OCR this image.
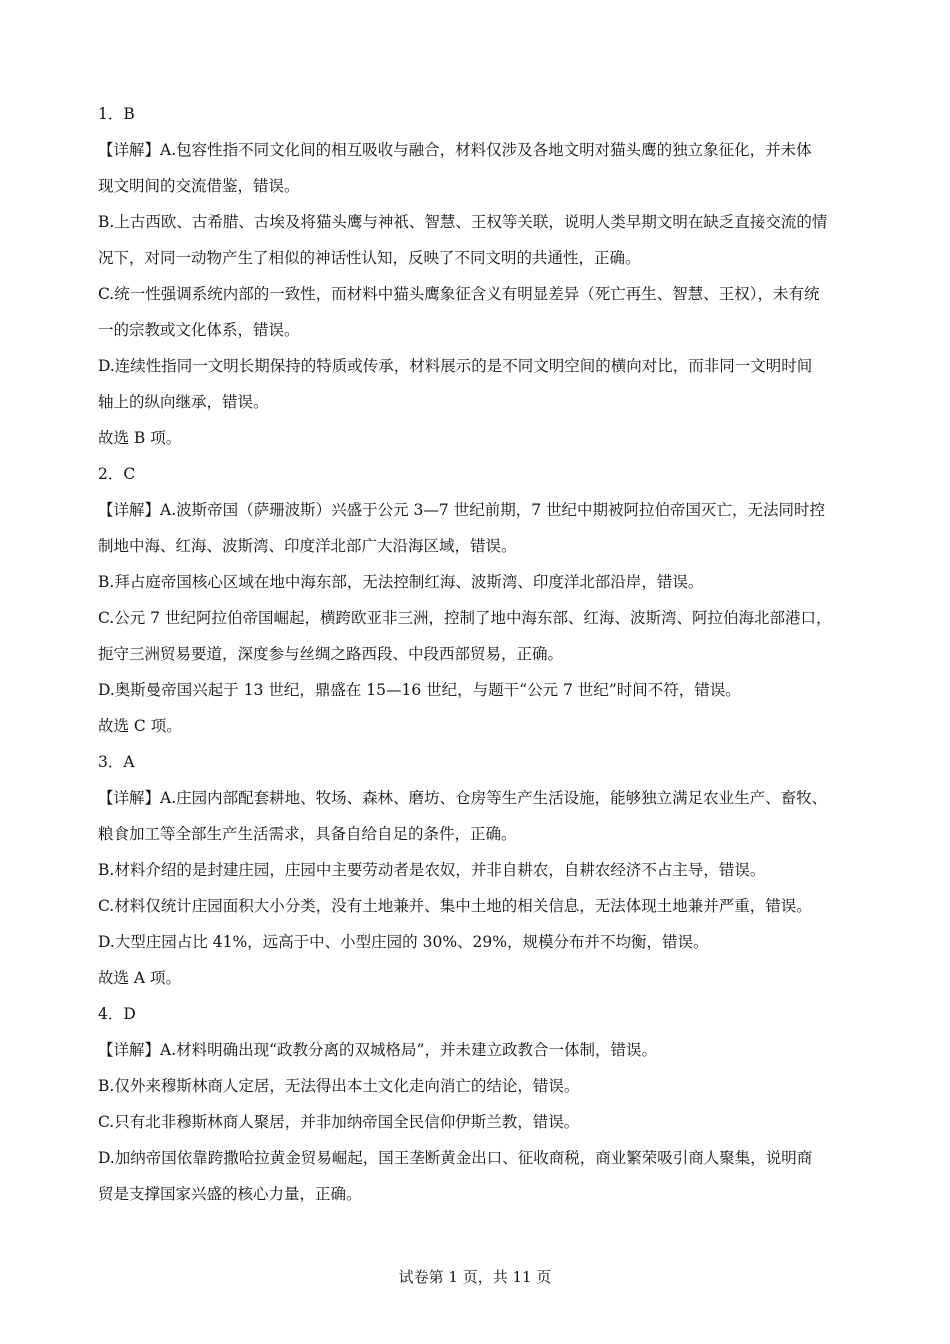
1．B
【详解】A.包容性指不同文化间的相互吸收与融合，材料仅涉及各地文明对猫头鹰的独立象征化，并未体
现文明间的交流借鉴，错误。
B.上古西欧、古希腊、古埃及将猫头鹰与神祇、智慧、王权等关联，说明人类早期文明在缺乏直接交流的情
况下，对同一动物产生了相似的神话性认知，反映了不同文明的共通性，正确。
C.统一性强调系统内部的一致性，而材料中猫头鹰象征含义有明显差异（死亡再生、智慧、王权），未有统
一的宗教或文化体系，错误。
D.连续性指同一文明长期保持的特质或传承，材料展示的是不同文明空间的横向对比，而非同一文明时间
轴上的纵向继承，错误。
故选 B 项。
2．C
【详解】A.波斯帝国（萨珊波斯）兴盛于公元 3—7 世纪前期，7 世纪中期被阿拉伯帝国灭亡，无法同时控
制地中海、红海、波斯湾、印度洋北部广大沿海区域，错误。
B.拜占庭帝国核心区域在地中海东部，无法控制红海、波斯湾、印度洋北部沿岸，错误。
C.公元 7 世纪阿拉伯帝国崛起，横跨欧亚非三洲，控制了地中海东部、红海、波斯湾、阿拉伯海北部港口，
扼守三洲贸易要道，深度参与丝绸之路西段、中段西部贸易，正确。
D.奥斯曼帝国兴起于 13 世纪，鼎盛在 15—16 世纪，与题干“公元 7 世纪”时间不符，错误。
故选 C 项。
3．A
【详解】A.庄园内部配套耕地、牧场、森林、磨坊、仓房等生产生活设施，能够独立满足农业生产、畜牧、
粮食加工等全部生产生活需求，具备自给自足的条件，正确。
B.材料介绍的是封建庄园，庄园中主要劳动者是农奴，并非自耕农，自耕农经济不占主导，错误。
C.材料仅统计庄园面积大小分类，没有土地兼并、集中土地的相关信息，无法体现土地兼并严重，错误。
D.大型庄园占比 41%，远高于中、小型庄园的 30%、29%，规模分布并不均衡，错误。
故选 A 项。
4．D
【详解】A.材料明确出现“政教分离的双城格局”，并未建立政教合一体制，错误。
B.仅外来穆斯林商人定居，无法得出本土文化走向消亡的结论，错误。
C.只有北非穆斯林商人聚居，并非加纳帝国全民信仰伊斯兰教，错误。
D.加纳帝国依靠跨撒哈拉黄金贸易崛起，国王垄断黄金出口、征收商税，商业繁荣吸引商人聚集，说明商
贸是支撑国家兴盛的核心力量，正确。
试卷第 1 页，共 11 页
